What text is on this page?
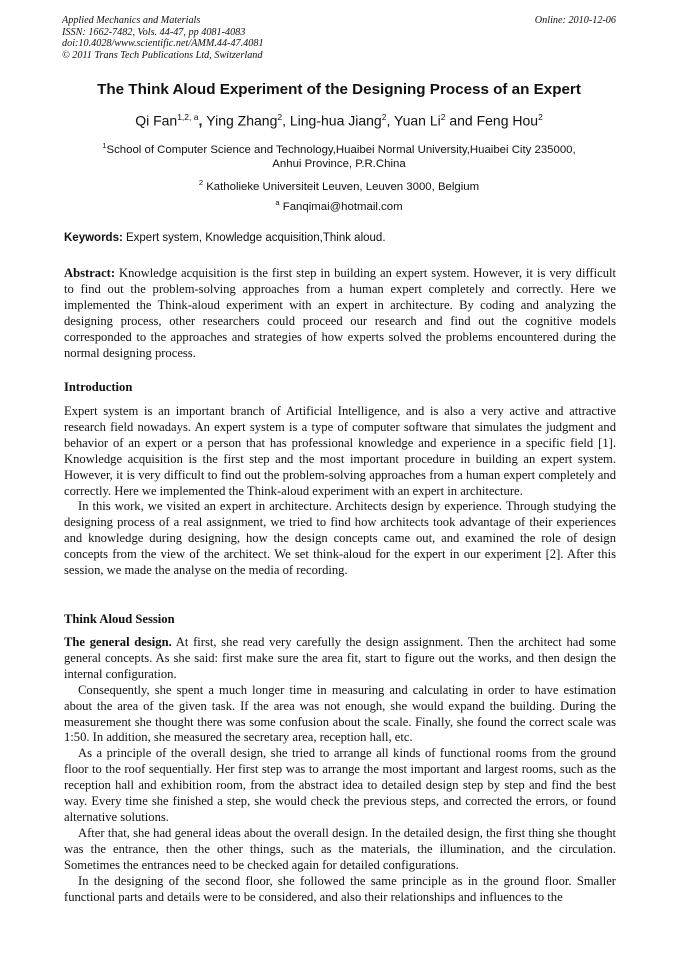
Applied Mechanics and Materials
ISSN: 1662-7482, Vols. 44-47, pp 4081-4083
doi:10.4028/www.scientific.net/AMM.44-47.4081
© 2011 Trans Tech Publications Ltd, Switzerland
Online: 2010-12-06
The Think Aloud Experiment of the Designing Process of an Expert
Qi Fan$^{1,2, a}$, Ying Zhang$^2$, Ling-hua Jiang$^2$, Yuan Li$^2$ and Feng Hou$^2$
$^1$School of Computer Science and Technology,Huaibei Normal University,Huaibei City 235000,
Anhui Province, P.R.China
$^2$ Katholieke Universiteit Leuven, Leuven 3000, Belgium
$^a$ Fanqimai@hotmail.com
Keywords: Expert system, Knowledge acquisition,Think aloud.

Abstract: Knowledge acquisition is the first step in building an expert system. However, it is very difficult to find out the problem-solving approaches from a human expert completely and correctly. Here we implemented the Think-aloud experiment with an expert in architecture. By coding and analyzing the designing process, other researchers could proceed our research and find out the cognitive models corresponded to the approaches and strategies of how experts solved the problems encountered during the normal designing process.

Introduction

Expert system is an important branch of Artificial Intelligence, and is also a very active and attractive research field nowadays. An expert system is a type of computer software that simulates the judgment and behavior of an expert or a person that has professional knowledge and experience in a specific field [1]. Knowledge acquisition is the first step and the most important procedure in building an expert system. However, it is very difficult to find out the problem-solving approaches from a human expert completely and correctly. Here we implemented the Think-aloud experiment with an expert in architecture.

In this work, we visited an expert in architecture. Architects design by experience. Through studying the designing process of a real assignment, we tried to find how architects took advantage of their experiences and knowledge during designing, how the design concepts came out, and examined the role of design concepts from the view of the architect. We set think-aloud for the expert in our experiment [2]. After this session, we made the analyse on the media of recording.

Think Aloud Session

The general design. At first, she read very carefully the design assignment. Then the architect had some general concepts. As she said: first make sure the area fit, start to figure out the works, and then design the internal configuration.

Consequently, she spent a much longer time in measuring and calculating in order to have estimation about the area of the given task. If the area was not enough, she would expand the building. During the measurement she thought there was some confusion about the scale. Finally, she found the correct scale was 1:50. In addition, she measured the secretary area, reception hall, etc.

As a principle of the overall design, she tried to arrange all kinds of functional rooms from the ground floor to the roof sequentially. Her first step was to arrange the most important and largest rooms, such as the reception hall and exhibition room, from the abstract idea to detailed design step by step and find the best way. Every time she finished a step, she would check the previous steps, and corrected the errors, or found alternative solutions.

After that, she had general ideas about the overall design. In the detailed design, the first thing she thought was the entrance, then the other things, such as the materials, the illumination, and the circulation. Sometimes the entrances need to be checked again for detailed configurations.

In the designing of the second floor, she followed the same principle as in the ground floor. Smaller functional parts and details were to be considered, and also their relationships and influences to the
